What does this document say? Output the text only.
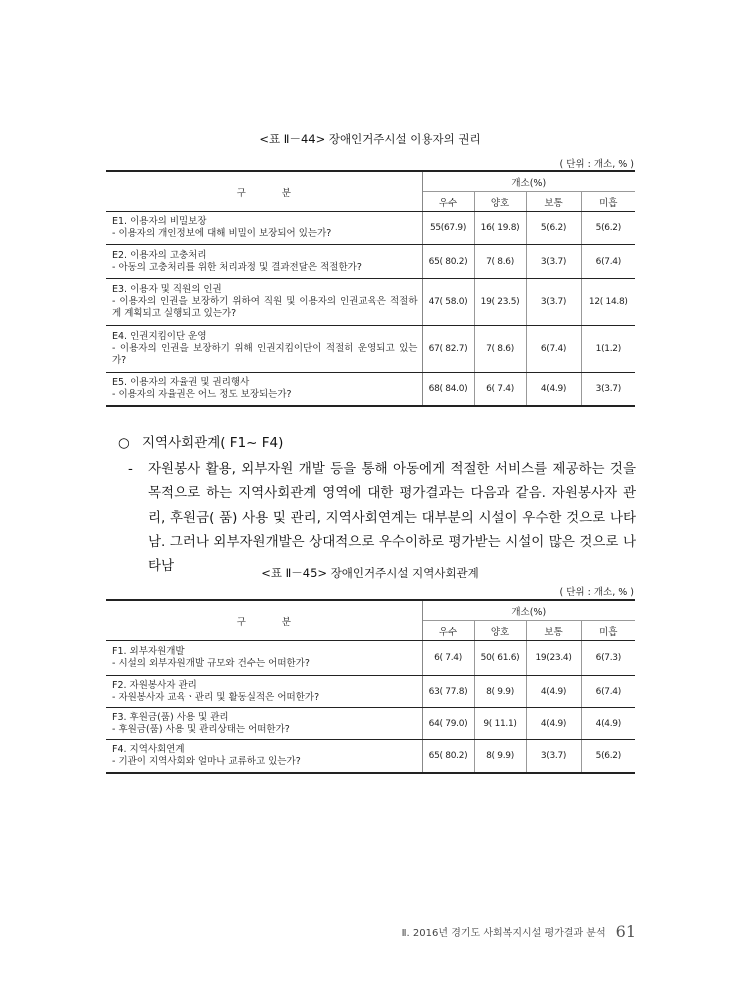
<표 Ⅱ－44> 장애인거주시설 이용자의 권리
( 단위 : 개소, % )
구분	개소(%)			
	우수	양호	보통	미흡

E1. 이용자의 비밀보장
- 이용자의 개인정보에 대해 비밀이 보장되어 있는가?	55(67.9)	16( 19.8)	5(6.2)	5(6.2)

E2. 이용자의 고충처리
- 아동의 고충처리를 위한 처리과정 및 결과전달은 적절한가?	65( 80.2)	7( 8.6)	3(3.7)	6(7.4)

E3. 이용자 및 직원의 인권
- 이용자의 인권을 보장하기 위하여 직원 및 이용자의 인권교육은 적절하게 계획되고 실행되고 있는가?	47( 58.0)	19( 23.5)	3(3.7)	12( 14.8)

E4. 인권지킴이단 운영
- 이용자의 인권을 보장하기 위해 인권지킴이단이 적절히 운영되고 있는가?	67( 82.7)	7( 8.6)	6(7.4)	1(1.2)

E5. 이용자의 자율권 및 권리행사
- 이용자의 자율권은 어느 정도 보장되는가?	68( 84.0)	6( 7.4)	4(4.9)	3(3.7)
○ 지역사회관계( F1~ F4)
- 자원봉사 활용, 외부자원 개발 등을 통해 아동에게 적절한 서비스를 제공하는 것을 목적으로 하는 지역사회관계 영역에 대한 평가결과는 다음과 같음. 자원봉사자 관리, 후원금( 품) 사용 및 관리, 지역사회연계는 대부분의 시설이 우수한 것으로 나타남. 그러나 외부자원개발은 상대적으로 우수이하로 평가받는 시설이 많은 것으로 나타남	<표 Ⅱ－45> 장애인거주시설 지역사회관계
( 단위 : 개소, % )
구분	개소(%)			
	우수	양호	보통	미흡

F1. 외부자원개발
- 시설의 외부자원개발 규모와 건수는 어떠한가?	6( 7.4)	50( 61.6)	19(23.4)	6(7.3)

F2. 자원봉사자 관리
- 자원봉사자 교육ㆍ관리 및 활동실적은 어떠한가?	63( 77.8)	8( 9.9)	4(4.9)	6(7.4)

F3. 후원금(품) 사용 및 관리
- 후원금(품) 사용 및 관리상태는 어떠한가?	64( 79.0)	9( 11.1)	4(4.9)	4(4.9)

F4. 지역사회연계
- 기관이 지역사회와 얼마나 교류하고 있는가?	65( 80.2)	8( 9.9)	3(3.7)	5(6.2)
Ⅱ. 2016년 경기도 사회복지시설 평가결과 분석 61
